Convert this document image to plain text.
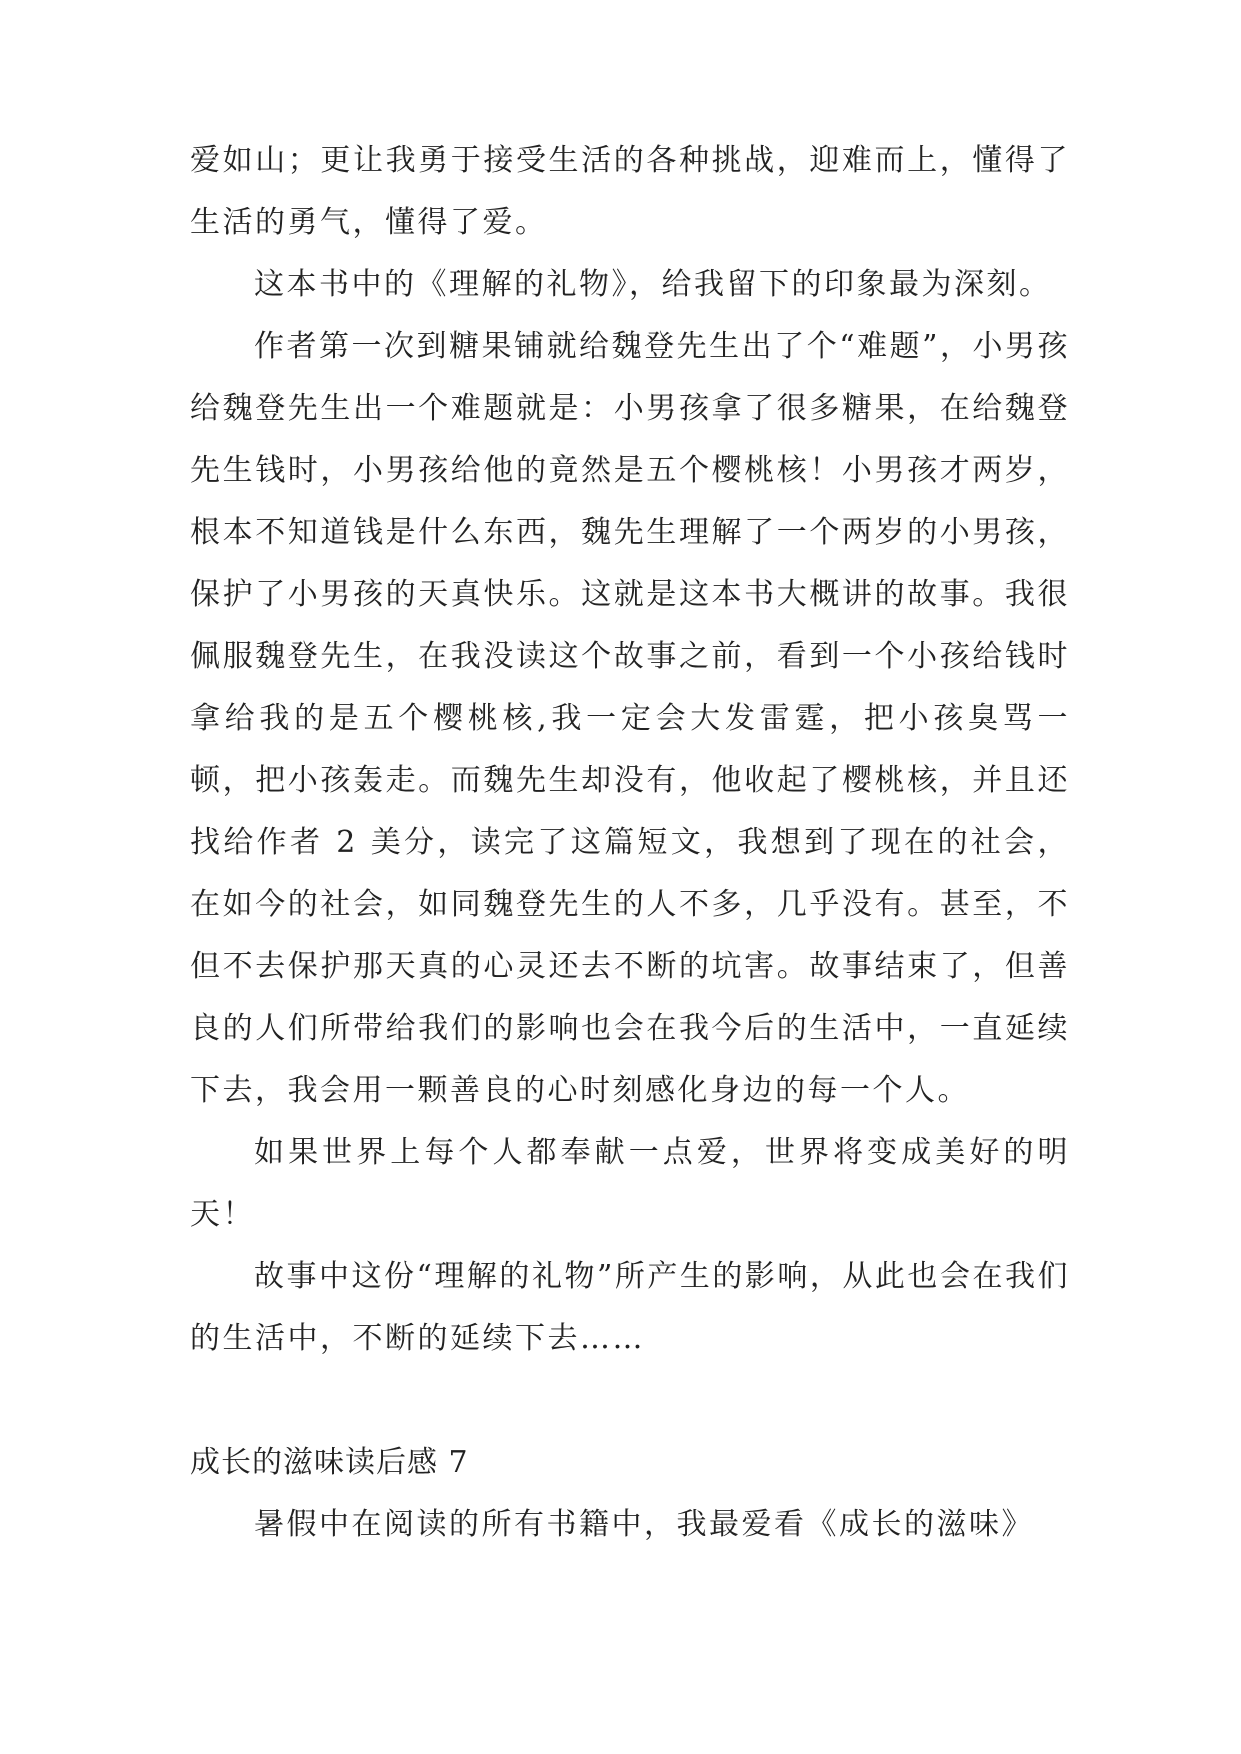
爱如山；更让我勇于接受生活的各种挑战，迎难而上，懂得了生活的勇气，懂得了爱。

这本书中的《理解的礼物》，给我留下的印象最为深刻。

作者第一次到糖果铺就给魏登先生出了个“难题”，小男孩给魏登先生出一个难题就是：小男孩拿了很多糖果，在给魏登先生钱时，小男孩给他的竟然是五个樱桃核！小男孩才两岁，根本不知道钱是什么东西，魏先生理解了一个两岁的小男孩，保护了小男孩的天真快乐。这就是这本书大概讲的故事。我很佩服魏登先生，在我没读这个故事之前，看到一个小孩给钱时拿给我的是五个樱桃核,我一定会大发雷霆，把小孩臭骂一顿，把小孩轰走。而魏先生却没有，他收起了樱桃核，并且还找给作者 2 美分，读完了这篇短文，我想到了现在的社会，在如今的社会，如同魏登先生的人不多，几乎没有。甚至，不但不去保护那天真的心灵还去不断的坑害。故事结束了，但善良的人们所带给我们的影响也会在我今后的生活中，一直延续下去，我会用一颗善良的心时刻感化身边的每一个人。

如果世界上每个人都奉献一点爱，世界将变成美好的明天！

故事中这份“理解的礼物”所产生的影响，从此也会在我们的生活中，不断的延续下去……

成长的滋味读后感 7

暑假中在阅读的所有书籍中，我最爱看《成长的滋味》
